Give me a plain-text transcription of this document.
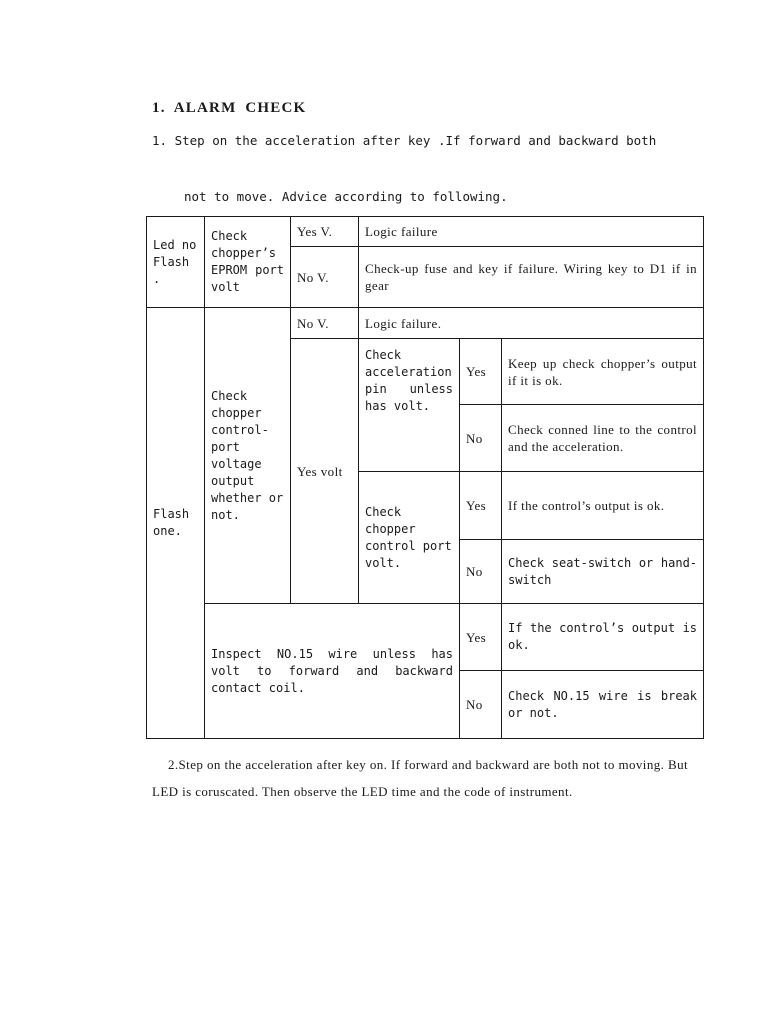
1. ALARM CHECK

1. Step on the acceleration after key .If forward and backward both

not to move. Advice according to following.

Led no Flash .	Check chopper’s EPROM port volt	Yes V.	Logic failure		
		No V.	Check-up fuse and key if failure. Wiring key to D1 if in gear		
Flash one.	Check chopper control-port voltage output whether or not.	No V.	Logic failure.		
		Yes volt	Check acceleration pin unless has volt.	Yes	Keep up check chopper’s output if it is ok.
				No	Check conned line to the control and the acceleration.
			Check chopper control port volt.	Yes	If the control’s output is ok.
				No	Check seat-switch or hand-switch
	Inspect NO.15 wire unless has volt to forward and backward contact coil.			Yes	If the control’s output is ok.
				No	Check NO.15 wire is break or not.

2.Step on the acceleration after key on. If forward and backward are both not to moving. But LED is coruscated. Then observe the LED time and the code of instrument.
